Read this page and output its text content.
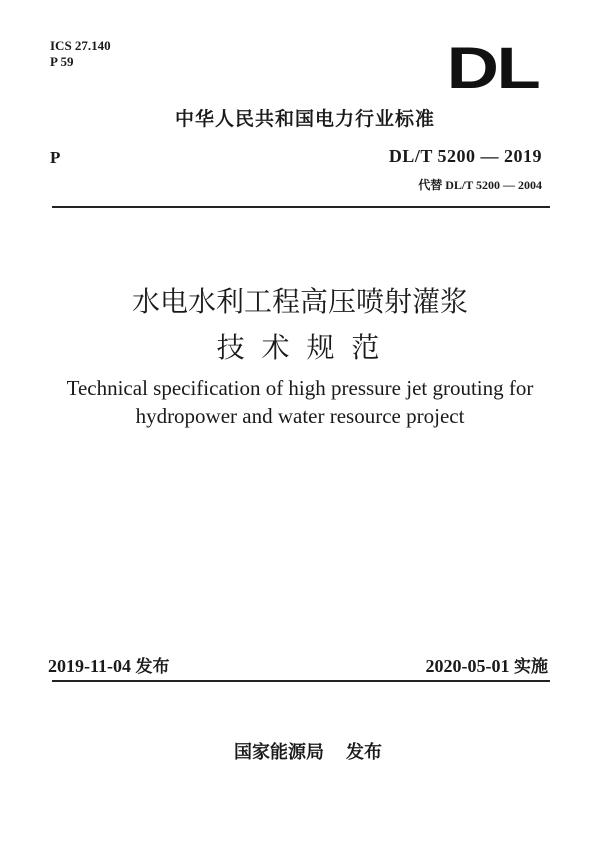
ICS 27.140
P 59	DL
中华人民共和国电力行业标准
P	DL/T 5200 — 2019
代替 DL/T 5200 — 2004
水电水利工程高压喷射灌浆
技 术 规 范
Technical specification of high pressure jet grouting for
hydropower and water resource project
2019-11-04 发布	2020-05-01 实施
国家能源局 发布
